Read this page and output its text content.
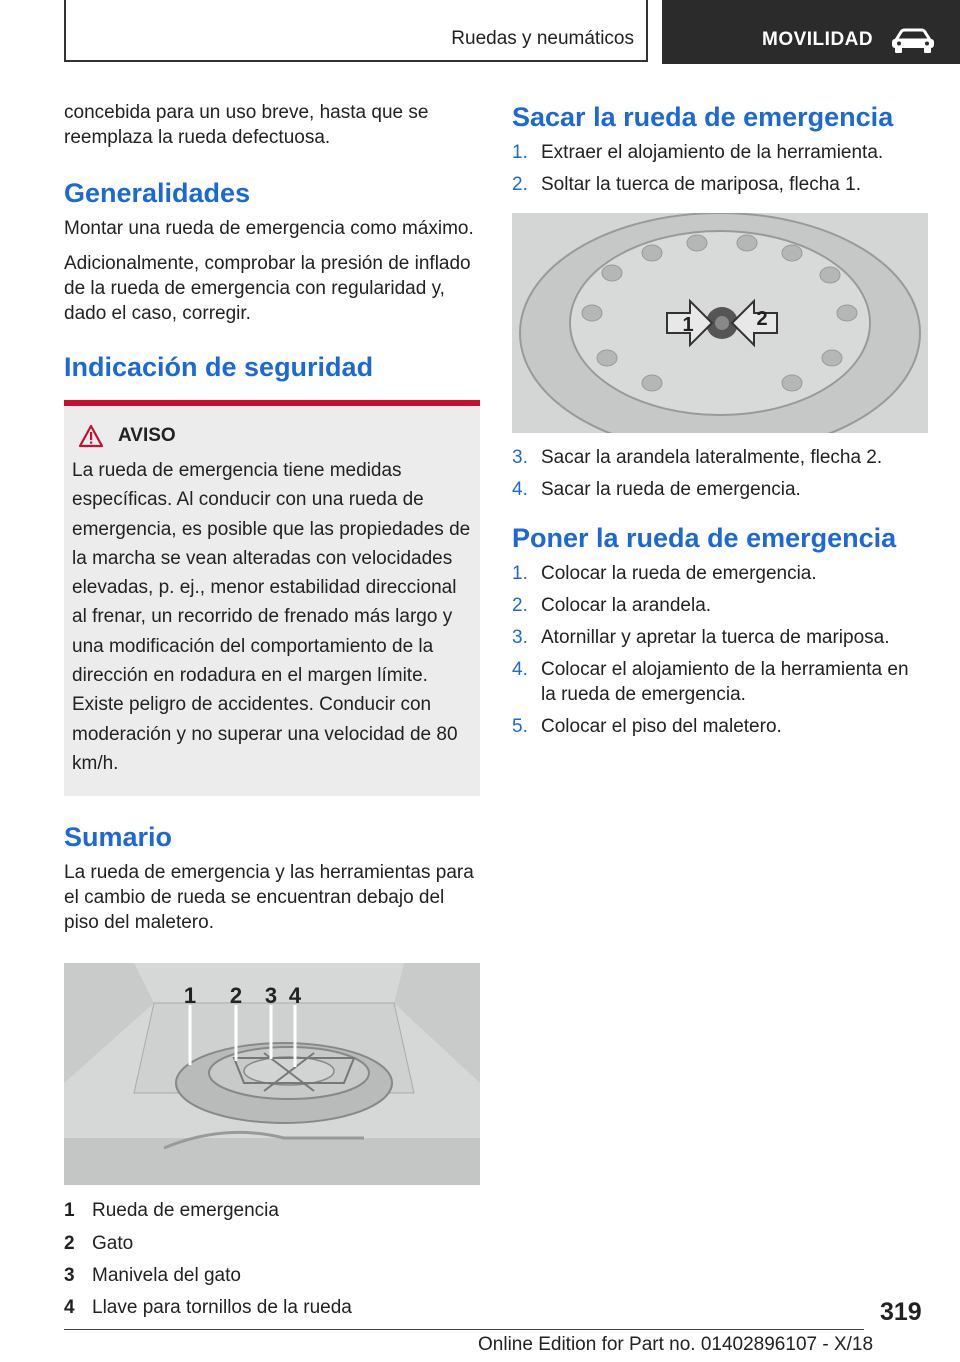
Ruedas y neumáticos	MOVILIDAD

concebida para un uso breve, hasta que se reemplaza la rueda defectuosa.

Generalidades

Montar una rueda de emergencia como máximo.

Adicionalmente, comprobar la presión de inflado de la rueda de emergencia con regularidad y, dado el caso, corregir.

Indicación de seguridad
AVISO

La rueda de emergencia tiene medidas específicas. Al conducir con una rueda de emergencia, es posible que las propiedades de la marcha se vean alteradas con velocidades elevadas, p. ej., menor estabilidad direccional al frenar, un recorrido de frenado más largo y una modificación del comportamiento de la dirección en rodadura en el margen límite. Existe peligro de accidentes. Conducir con moderación y no superar una velocidad de 80 km/h.

Sumario

La rueda de emergencia y las herramientas para el cambio de rueda se encuentran debajo del piso del maletero.

1 2 3 4
1 Rueda de emergencia
2 Gato
3 Manivela del gato
4 Llave para tornillos de la rueda
Sacar la rueda de emergencia
1. Extraer el alojamiento de la herramienta.
2. Soltar la tuerca de mariposa, flecha 1.
1	2
3. Sacar la arandela lateralmente, flecha 2.
4. Sacar la rueda de emergencia.
Poner la rueda de emergencia
1. Colocar la rueda de emergencia.
2. Colocar la arandela.
3. Atornillar y apretar la tuerca de mariposa.
4. Colocar el alojamiento de la herramienta en la rueda de emergencia.
5. Colocar el piso del maletero.
319
Online Edition for Part no. 01402896107 - X/18
